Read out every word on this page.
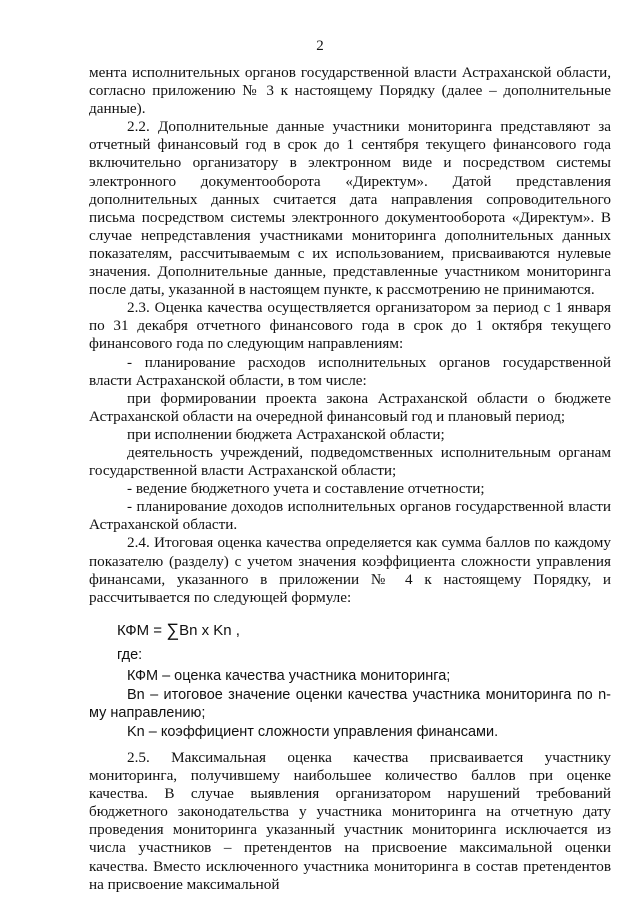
2

мента исполнительных органов государственной власти Астраханской области, согласно приложению № 3 к настоящему Порядку (далее – дополнительные данные).

2.2. Дополнительные данные участники мониторинга представляют за отчетный финансовый год в срок до 1 сентября текущего финансового года включительно организатору в электронном виде и посредством системы электронного документооборота «Директум». Датой представления дополнительных данных считается дата направления сопроводительного письма посредством системы электронного документооборота «Директум». В случае непредставления участниками мониторинга дополнительных данных показателям, рассчитываемым с их использованием, присваиваются нулевые значения. Дополнительные данные, представленные участником мониторинга после даты, указанной в настоящем пункте, к рассмотрению не принимаются.

2.3. Оценка качества осуществляется организатором за период с 1 января по 31 декабря отчетного финансового года в срок до 1 октября текущего финансового года по следующим направлениям:

- планирование расходов исполнительных органов государственной власти Астраханской области, в том числе:

при формировании проекта закона Астраханской области о бюджете Астраханской области на очередной финансовый год и плановый период;

при исполнении бюджета Астраханской области;

деятельность учреждений, подведомственных исполнительным органам государственной власти Астраханской области;

- ведение бюджетного учета и составление отчетности;

- планирование доходов исполнительных органов государственной власти Астраханской области.

2.4. Итоговая оценка качества определяется как сумма баллов по каждому показателю (разделу) с учетом значения коэффициента сложности управления финансами, указанного в приложении № 4 к настоящему Порядку, и рассчитывается по следующей формуле:

КФМ = ∑Bn x Kn ,

где:

КФМ – оценка качества участника мониторинга;

Bn – итоговое значение оценки качества участника мониторинга по n-му направлению;

Kn – коэффициент сложности управления финансами.

2.5. Максимальная оценка качества присваивается участнику мониторинга, получившему наибольшее количество баллов при оценке качества. В случае выявления организатором нарушений требований бюджетного законодательства у участника мониторинга на отчетную дату проведения мониторинга указанный участник мониторинга исключается из числа участников – претендентов на присвоение максимальной оценки качества. Вместо исключенного участника мониторинга в состав претендентов на присвоение максимальной
